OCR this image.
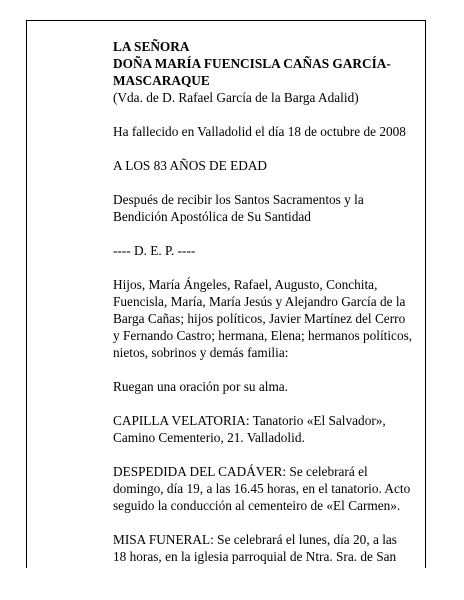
LA SEÑORA
DOÑA MARÍA FUENCISLA CAÑAS GARCÍA-
MASCARAQUE
(Vda. de D. Rafael García de la Barga Adalid)
Ha fallecido en Valladolid el día 18 de octubre de 2008
A LOS 83 AÑOS DE EDAD
Después de recibir los Santos Sacramentos y la
Bendición Apostólica de Su Santidad
---- D. E. P. ----
Hijos, María Ángeles, Rafael, Augusto, Conchita,
Fuencisla, María, María Jesús y Alejandro García de la
Barga Cañas; hijos políticos, Javier Martínez del Cerro
y Fernando Castro; hermana, Elena; hermanos políticos,
nietos, sobrinos y demás familia:
Ruegan una oración por su alma.
CAPILLA VELATORIA: Tanatorio «El Salvador»,
Camino Cementerio, 21. Valladolid.
DESPEDIDA DEL CADÁVER: Se celebrará el
domingo, día 19, a las 16.45 horas, en el tanatorio. Acto
seguido la conducción al cementeiro de «El Carmen».
MISA FUNERAL: Se celebrará el lunes, día 20, a las
18 horas, en la iglesia parroquial de Ntra. Sra. de San
